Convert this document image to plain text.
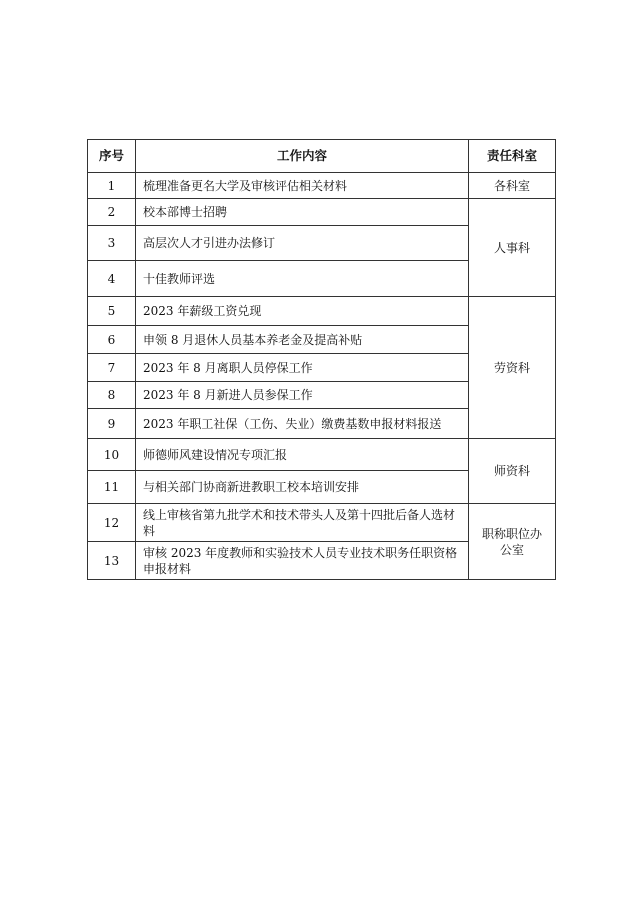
序号	工作内容	责任科室
1	梳理准备更名大学及审核评估相关材料	各科室
2	校本部博士招聘	人事科
3	高层次人才引进办法修订	
4	十佳教师评选	
5	2023 年薪级工资兑现	劳资科
6	申领 8 月退休人员基本养老金及提高补贴	
7	2023 年 8 月离职人员停保工作	
8	2023 年 8 月新进人员参保工作	
9	2023 年职工社保（工伤、失业）缴费基数申报材料报送	
10	师德师风建设情况专项汇报	师资科
11	与相关部门协商新进教职工校本培训安排	
12	线上审核省第九批学术和技术带头人及第十四批后备人选材料	职称职位办公室
13	审核 2023 年度教师和实验技术人员专业技术职务任职资格申报材料	
